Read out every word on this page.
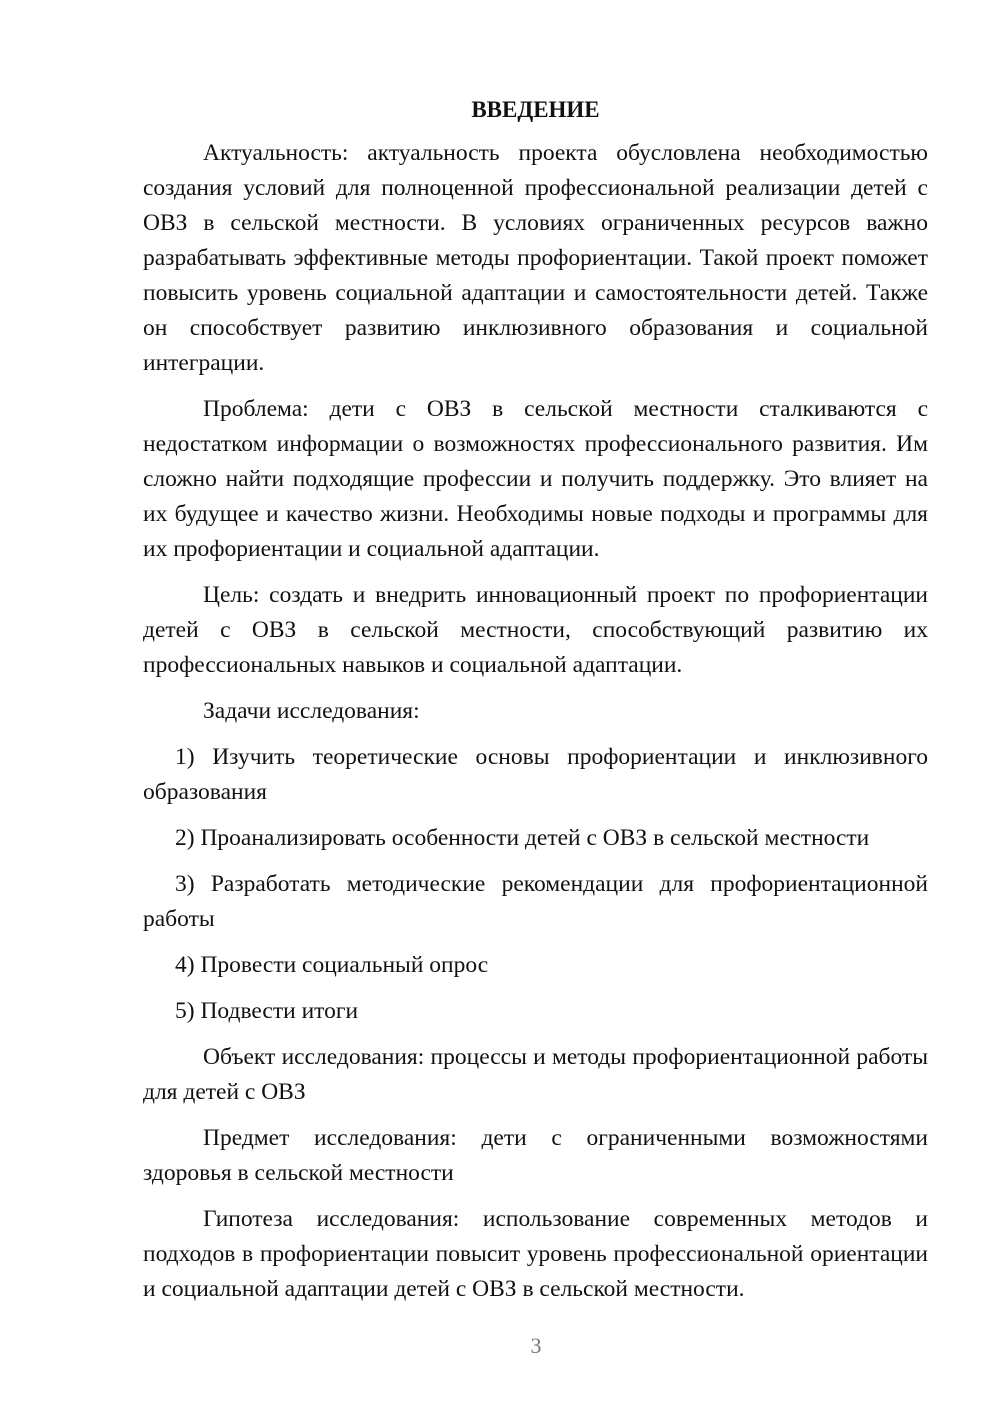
ВВЕДЕНИЕ

Актуальность: актуальность проекта обусловлена необходимостью создания условий для полноценной профессиональной реализации детей с ОВЗ в сельской местности. В условиях ограниченных ресурсов важно разрабатывать эффективные методы профориентации. Такой проект поможет повысить уровень социальной адаптации и самостоятельности детей. Также он способствует развитию инклюзивного образования и социальной интеграции.

Проблема: дети с ОВЗ в сельской местности сталкиваются с недостатком информации о возможностях профессионального развития. Им сложно найти подходящие профессии и получить поддержку. Это влияет на их будущее и качество жизни. Необходимы новые подходы и программы для их профориентации и социальной адаптации.

Цель: создать и внедрить инновационный проект по профориентации детей с ОВЗ в сельской местности, способствующий развитию их профессиональных навыков и социальной адаптации.

Задачи исследования:

1) Изучить теоретические основы профориентации и инклюзивного образования
2) Проанализировать особенности детей с ОВЗ в сельской местности
3) Разработать методические рекомендации для профориентационной работы
4) Провести социальный опрос
5) Подвести итоги

Объект исследования: процессы и методы профориентационной работы для детей с ОВЗ

Предмет исследования: дети с ограниченными возможностями здоровья в сельской местности

Гипотеза исследования: использование современных методов и подходов в профориентации повысит уровень профессиональной ориентации и социальной адаптации детей с ОВЗ в сельской местности.

3
